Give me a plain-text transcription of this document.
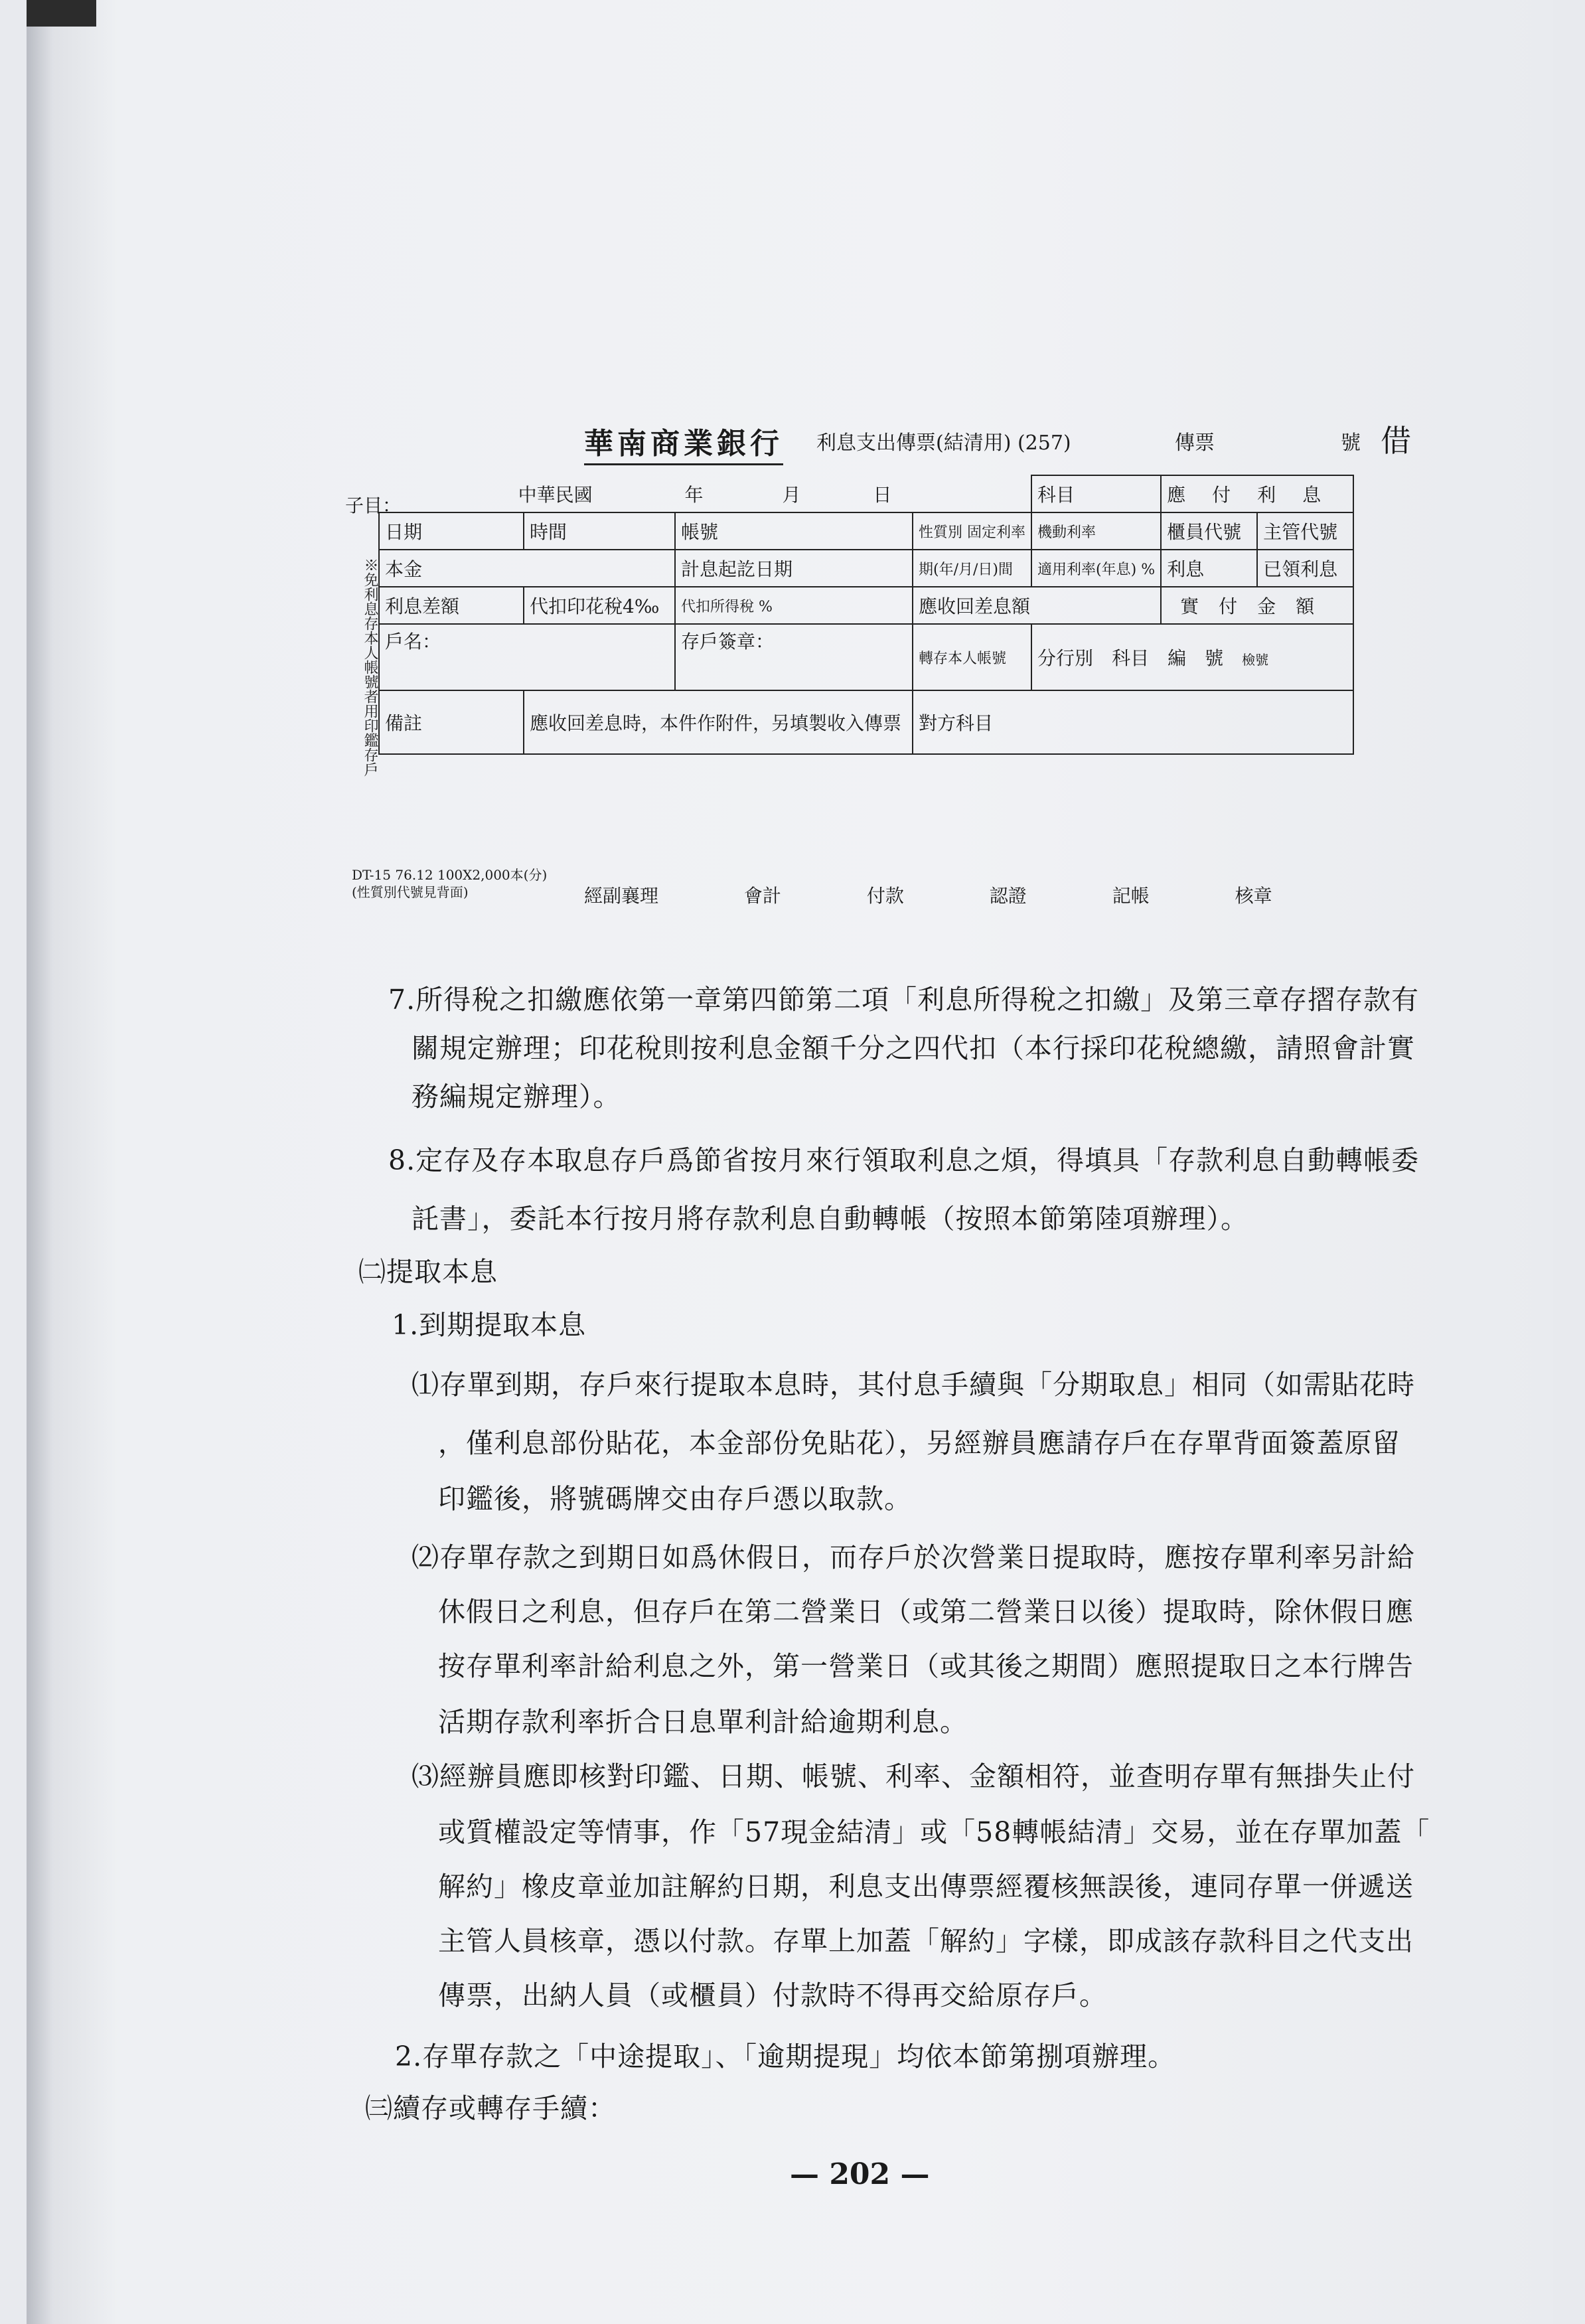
華南商業銀行 利息支出傳票(結清用) (257)	傳票	號 借
子目：
※免利息存本人帳號者用印鑑存戶
中華民國 年 月 日				科目	應付利息	
日期	時間	帳號	性質別 固定利率	機動利率	櫃員代號	主管代號
本金		計息起訖日期	期(年/月/日)間	適用利率(年息) %	利息	已領利息
利息差額	代扣印花稅4‰	代扣所得稅 %	應收回差息額		實付金額	
戶名：		存戶簽章：	轉存本人帳號	分行別　 科目　 編　 號　 檢號		
備註	應收回差息時，本件作附件，另填製收入傳票		對方科目			
DT-15 76.12 100X2,000本(分)
(性質別代號見背面)	經副襄理	會計	付款	認證	記帳	核章
7.所得稅之扣繳應依第一章第四節第二項「利息所得稅之扣繳」及第三章存摺存款有
關規定辦理；印花稅則按利息金額千分之四代扣（本行採印花稅總繳，請照會計實
務編規定辦理）。
8.定存及存本取息存戶爲節省按月來行領取利息之煩，得填具「存款利息自動轉帳委
託書」，委託本行按月將存款利息自動轉帳（按照本節第陸項辦理）。
㈡提取本息
1.到期提取本息
⑴存單到期，存戶來行提取本息時，其付息手續與「分期取息」相同（如需貼花時
，僅利息部份貼花，本金部份免貼花），另經辦員應請存戶在存單背面簽蓋原留
印鑑後，將號碼牌交由存戶憑以取款。
⑵存單存款之到期日如爲休假日，而存戶於次營業日提取時，應按存單利率另計給
休假日之利息，但存戶在第二營業日（或第二營業日以後）提取時，除休假日應
按存單利率計給利息之外，第一營業日（或其後之期間）應照提取日之本行牌告
活期存款利率折合日息單利計給逾期利息。
⑶經辦員應即核對印鑑、日期、帳號、利率、金額相符，並查明存單有無掛失止付
或質權設定等情事，作「57現金結清」或「58轉帳結清」交易，並在存單加蓋「
解約」橡皮章並加註解約日期，利息支出傳票經覆核無誤後，連同存單一併遞送
主管人員核章，憑以付款。存單上加蓋「解約」字樣，即成該存款科目之代支出
傳票，出納人員（或櫃員）付款時不得再交給原存戶。
2.存單存款之「中途提取」、「逾期提現」均依本節第捌項辦理。
㈢續存或轉存手續：
— 202 —
